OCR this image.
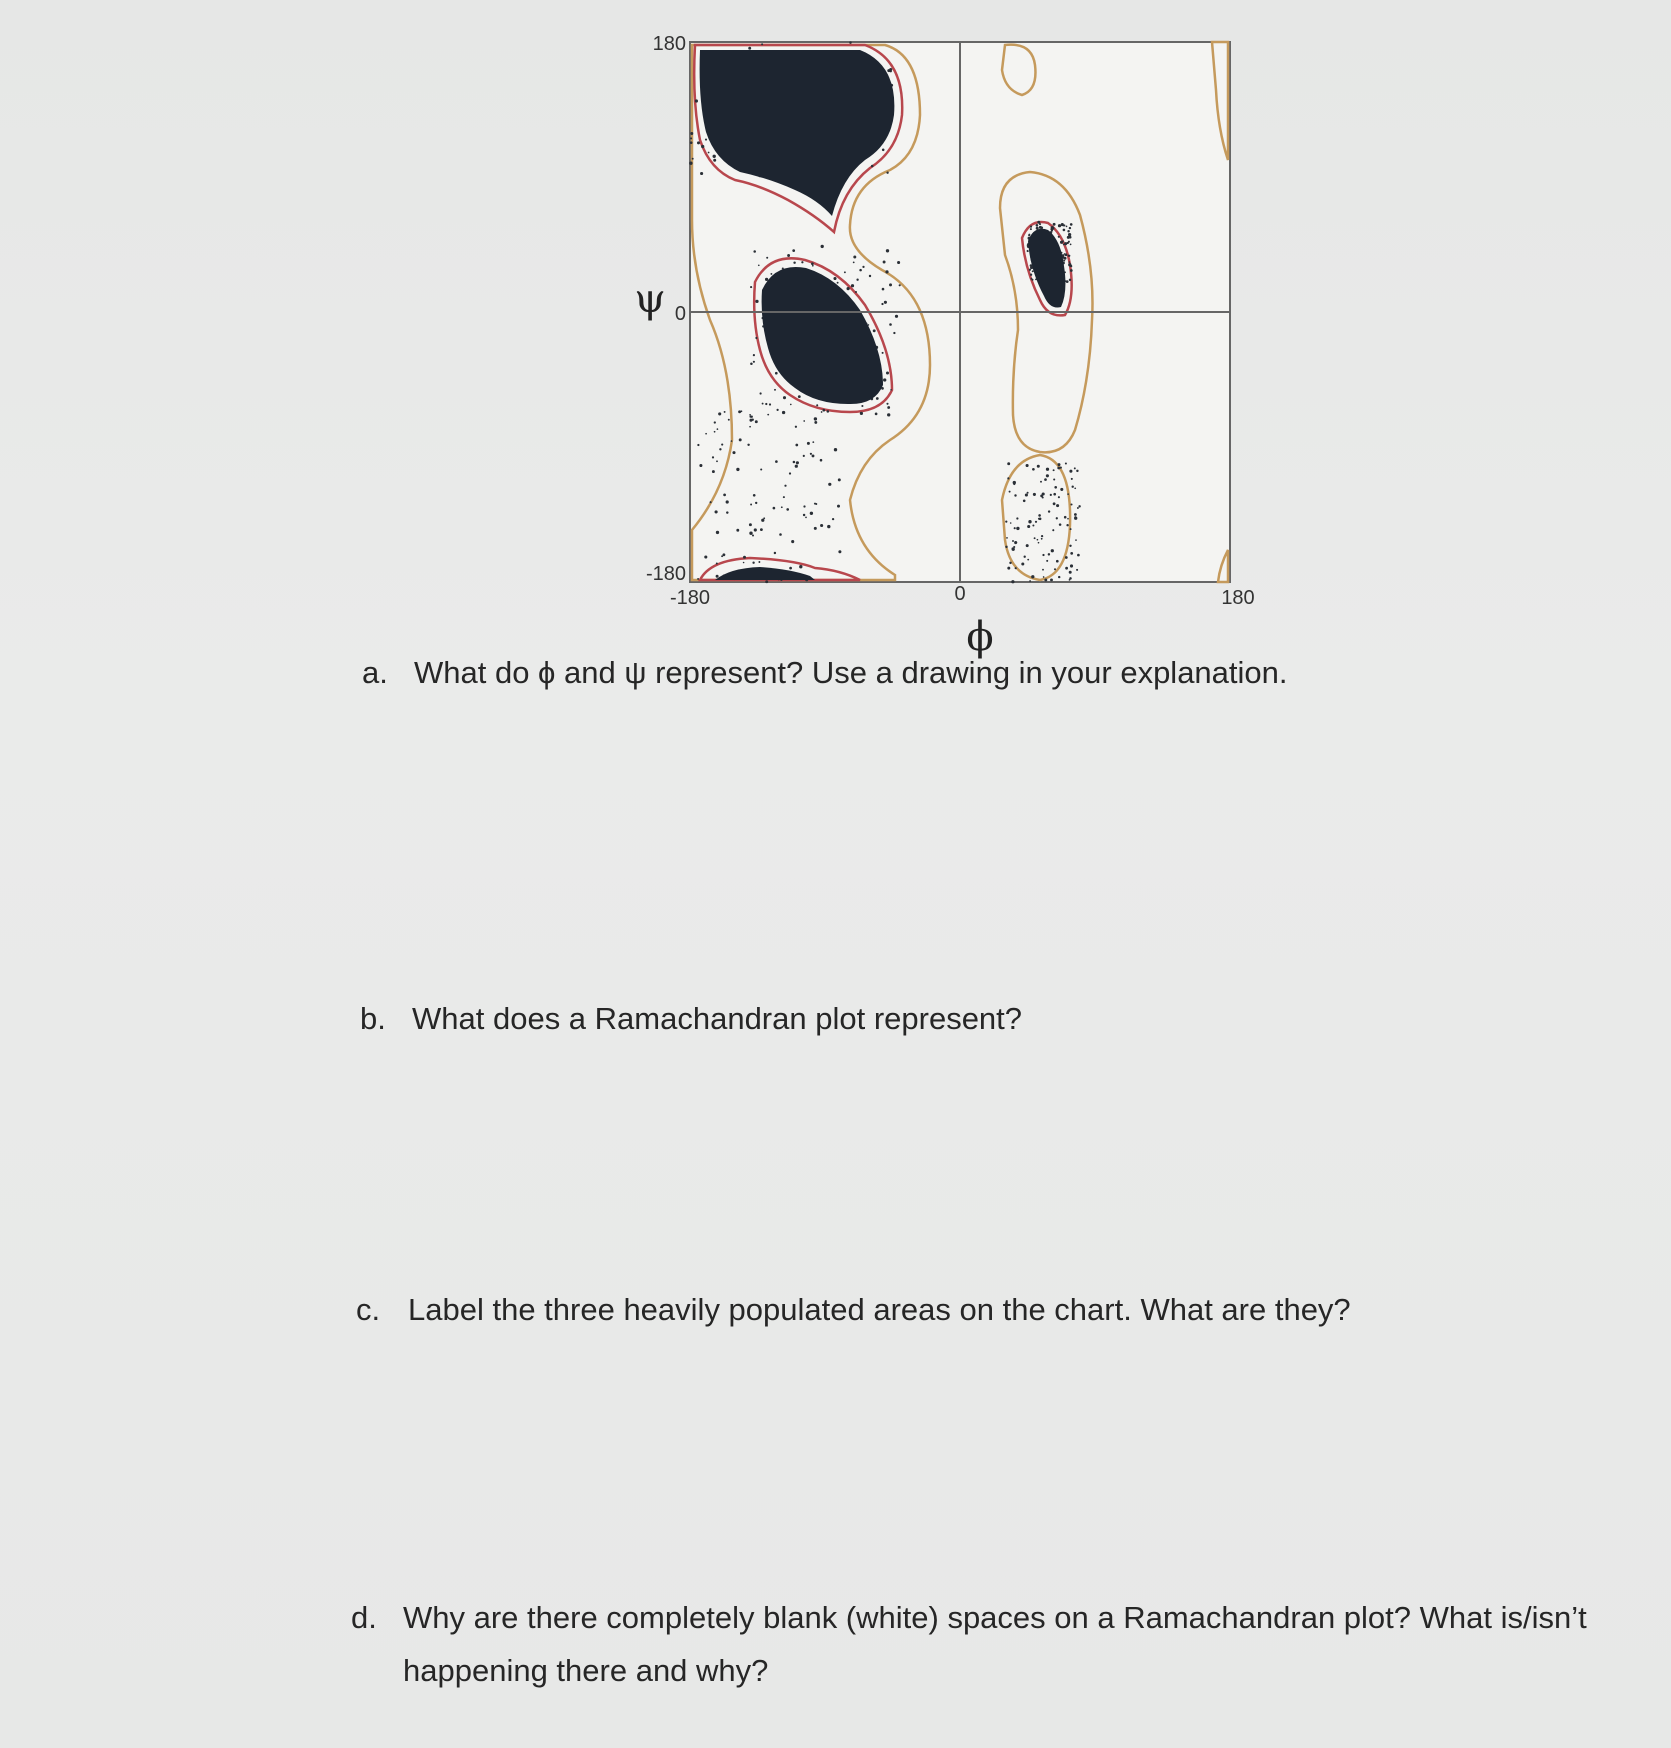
180
0
-180
-180	0	180
ψ
ϕ
a. What do ϕ and ψ represent? Use a drawing in your explanation.
b. What does a Ramachandran plot represent?
c. Label the three heavily populated areas on the chart. What are they?
d. Why are there completely blank (white) spaces on a Ramachandran plot? What is/isn’t happening there and why?
